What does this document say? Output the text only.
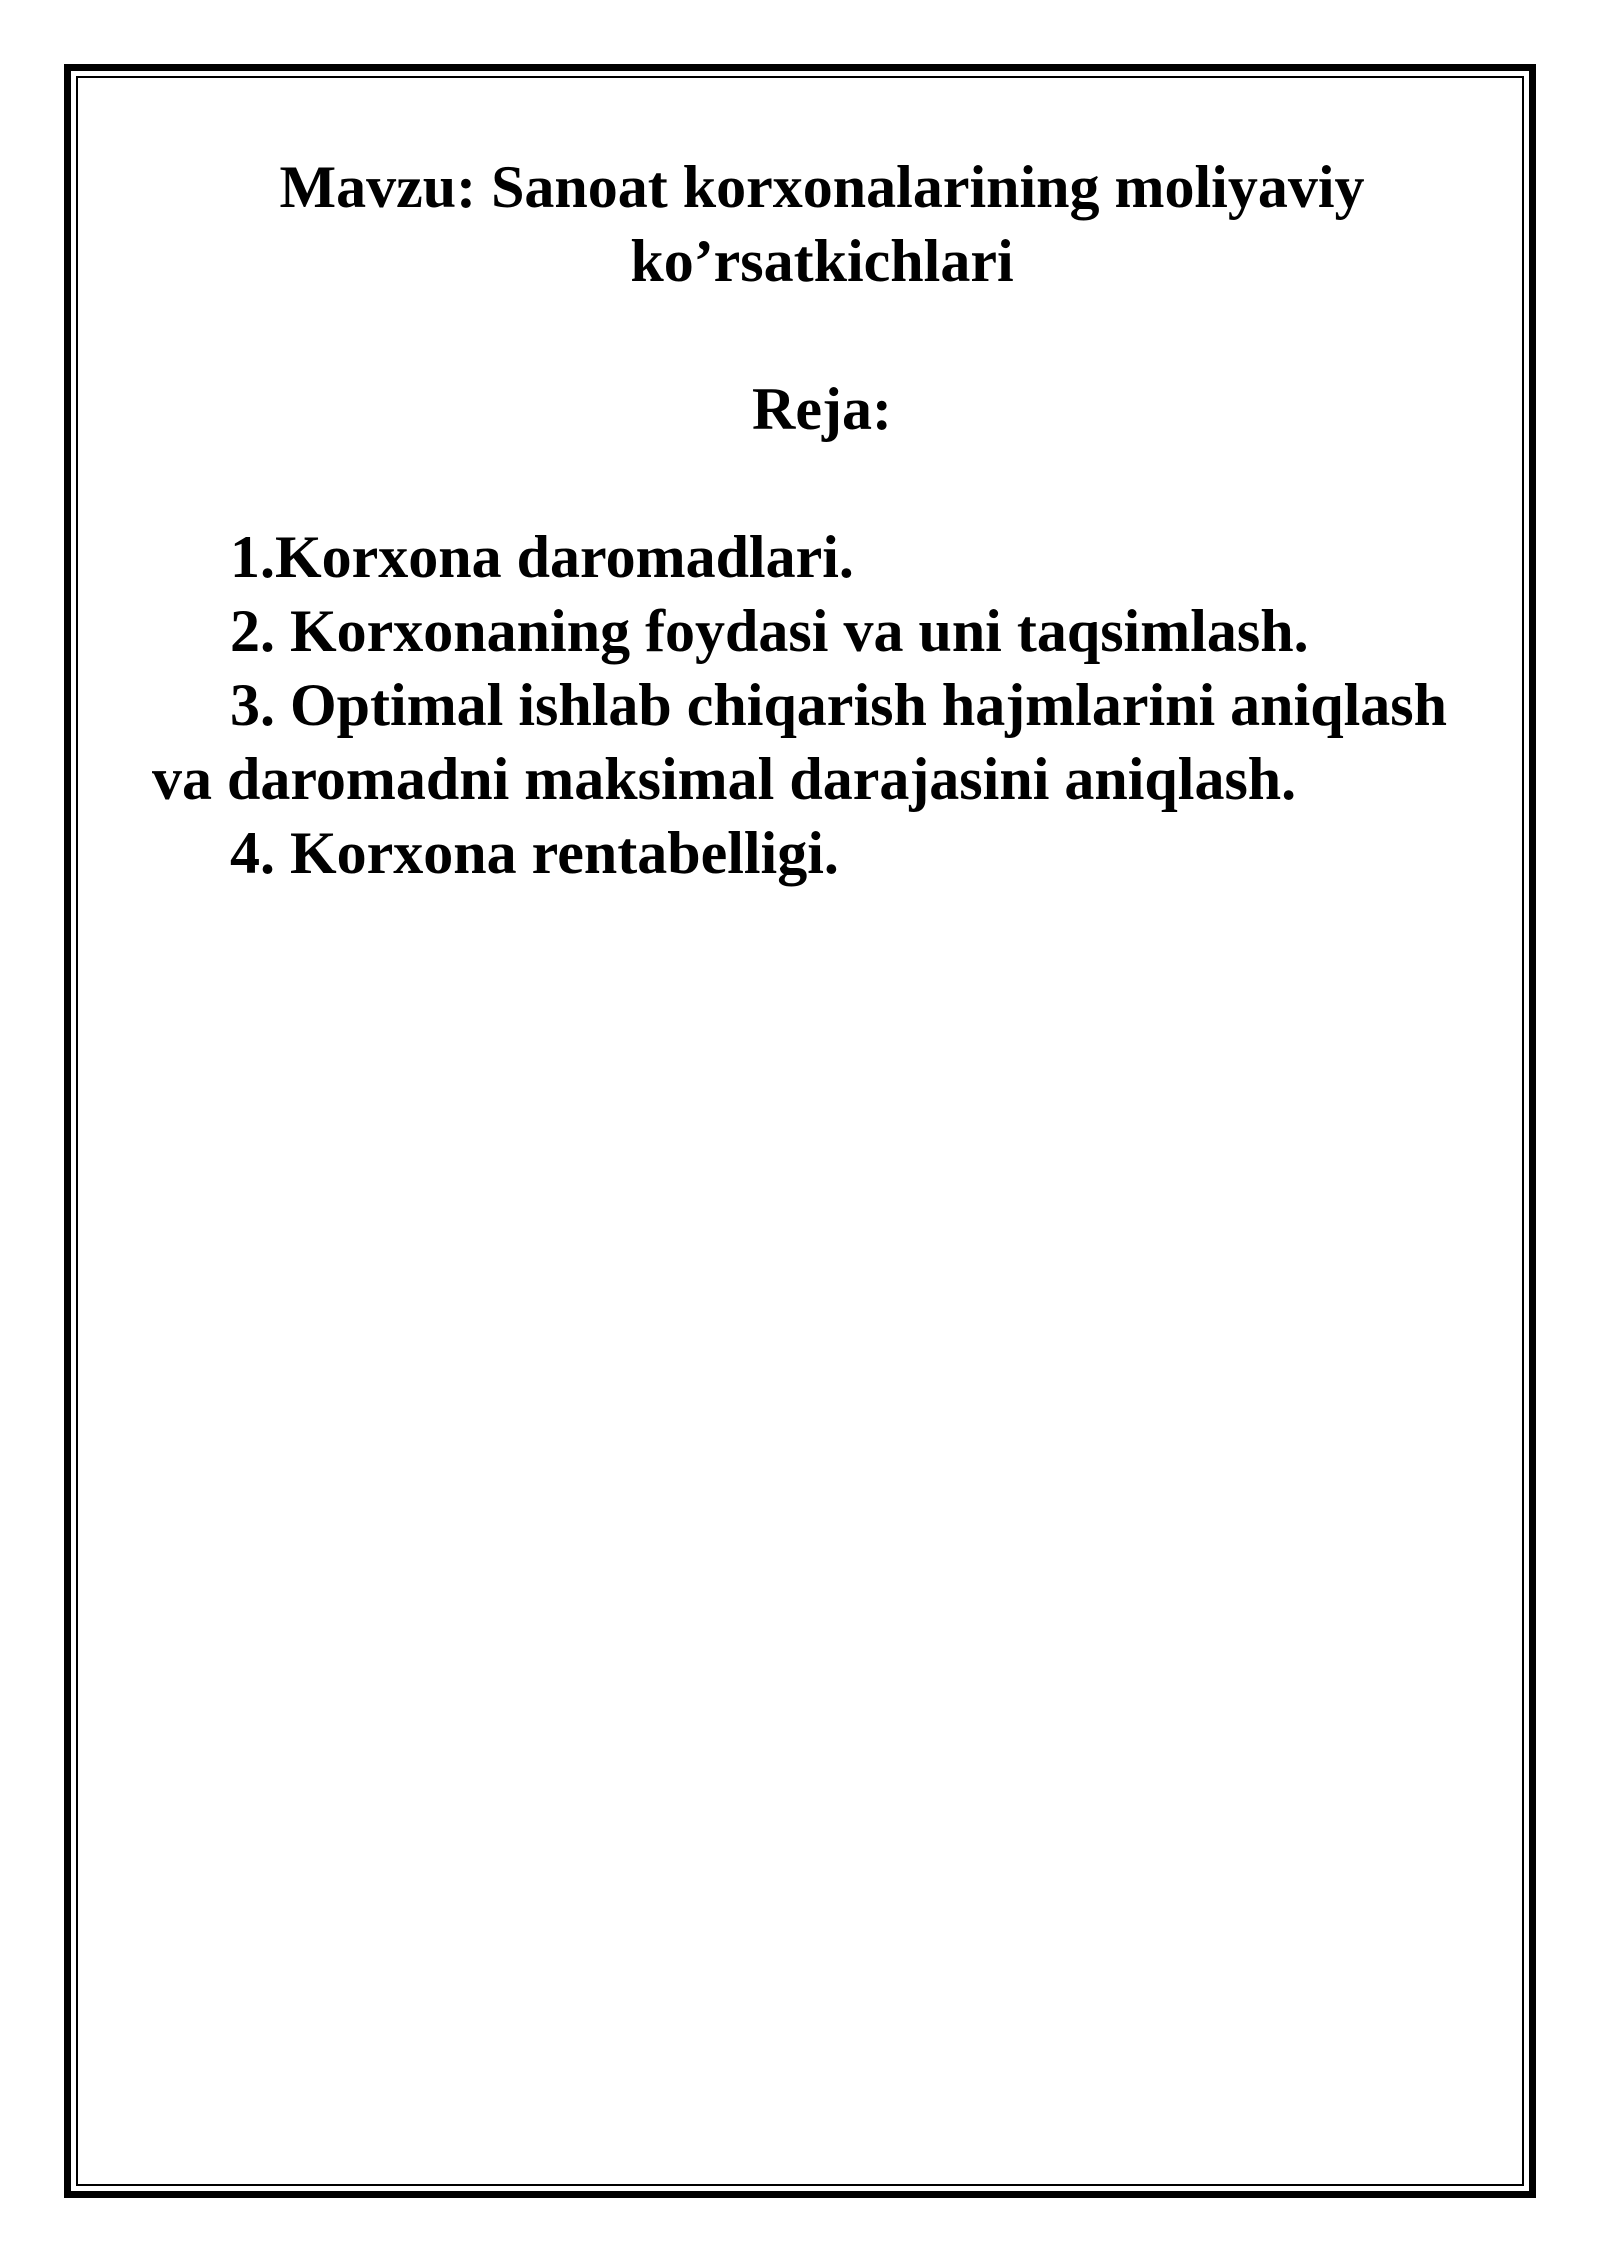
Mavzu: Sanoat korxonalarining moliyaviy
ko’rsatkichlari
Reja:
1.Korxona daromadlari.
2. Korxonaning foydasi va uni taqsimlash.
3. Optimal ishlab chiqarish hajmlarini aniqlash va daromadni maksimal darajasini aniqlash.
4. Korxona rentabelligi.
